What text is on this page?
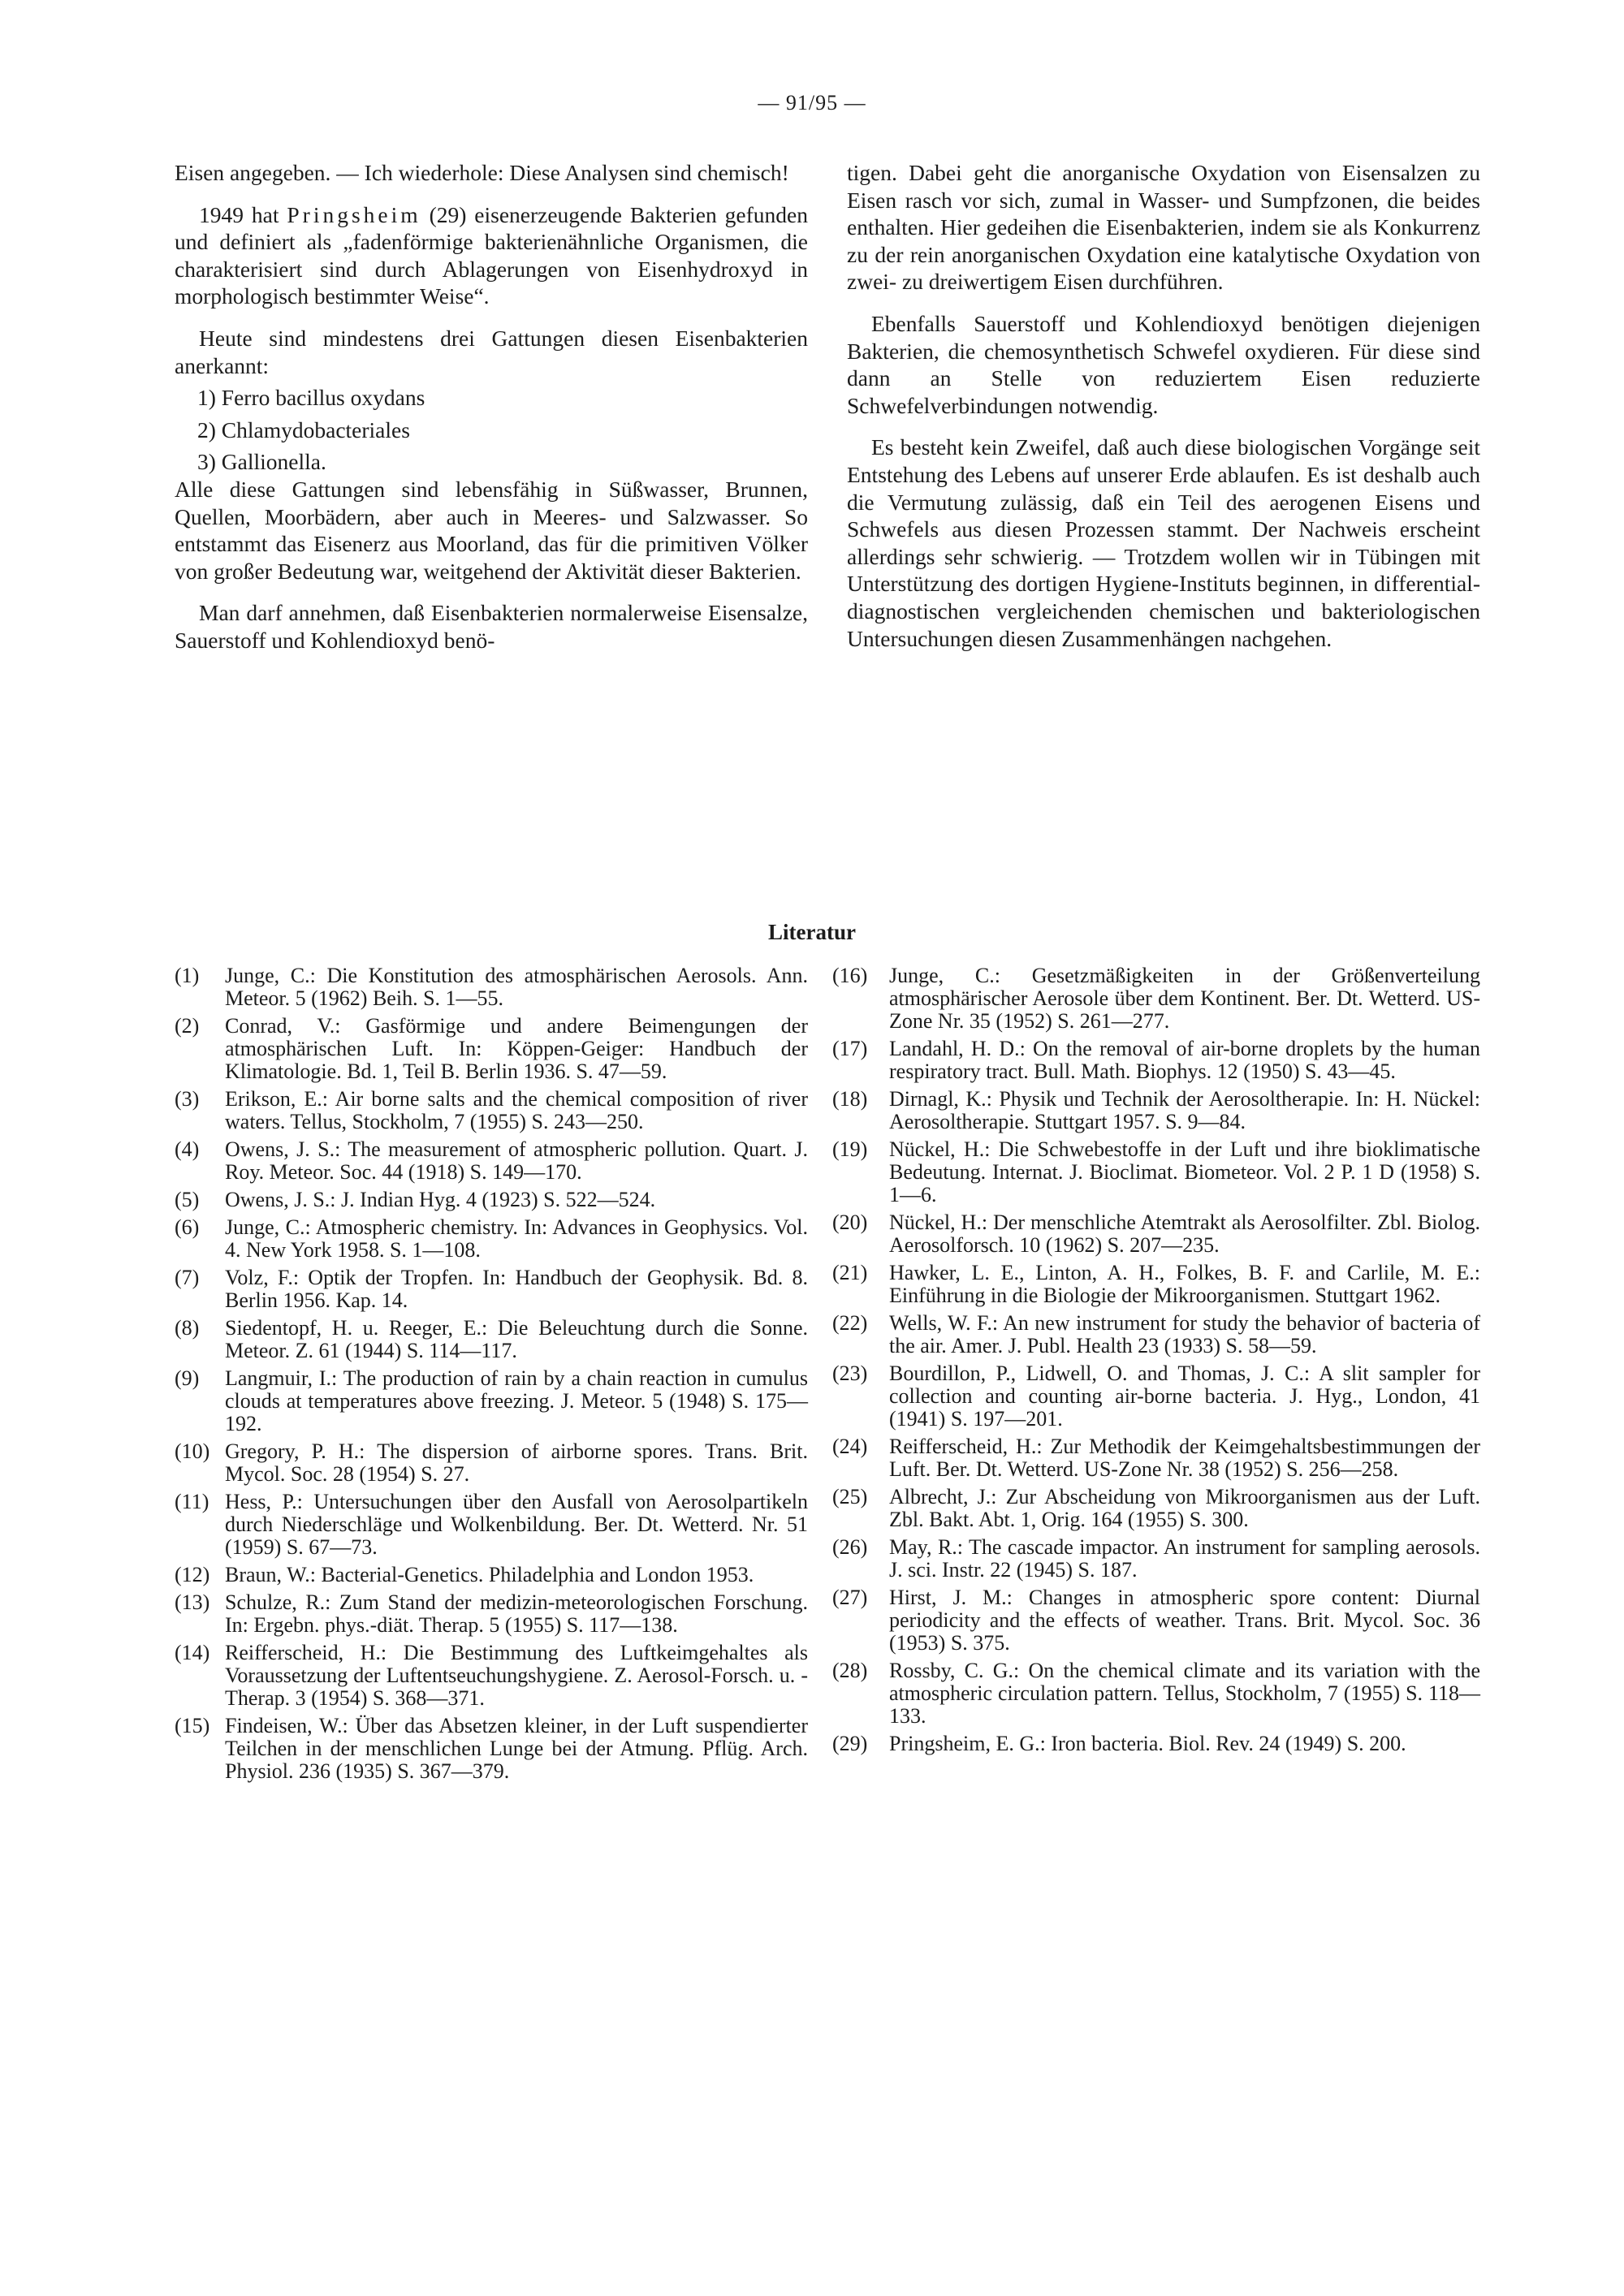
— 91/95 —

Eisen angegeben. — Ich wiederhole: Diese Analysen sind chemisch!

1949 hat Pringsheim (29) eisenerzeugende Bakterien gefunden und definiert als „fadenförmige bakterienähnliche Organismen, die charakterisiert sind durch Ablagerungen von Eisenhydroxyd in morphologisch bestimmter Weise“.

Heute sind mindestens drei Gattungen diesen Eisenbakterien anerkannt:

1) Ferro bacillus oxydans

2) Chlamydobacteriales

3) Gallionella.

Alle diese Gattungen sind lebensfähig in Süßwasser, Brunnen, Quellen, Moorbädern, aber auch in Meeres- und Salzwasser. So entstammt das Eisenerz aus Moorland, das für die primitiven Völker von großer Bedeutung war, weitgehend der Aktivität dieser Bakterien.

Man darf annehmen, daß Eisenbakterien normalerweise Eisensalze, Sauerstoff und Kohlendioxyd benö-

tigen. Dabei geht die anorganische Oxydation von Eisensalzen zu Eisen rasch vor sich, zumal in Wasser- und Sumpfzonen, die beides enthalten. Hier gedeihen die Eisenbakterien, indem sie als Konkurrenz zu der rein anorganischen Oxydation eine katalytische Oxydation von zwei- zu dreiwertigem Eisen durchführen.

Ebenfalls Sauerstoff und Kohlendioxyd benötigen diejenigen Bakterien, die chemosynthetisch Schwefel oxydieren. Für diese sind dann an Stelle von reduziertem Eisen reduzierte Schwefelverbindungen notwendig.

Es besteht kein Zweifel, daß auch diese biologischen Vorgänge seit Entstehung des Lebens auf unserer Erde ablaufen. Es ist deshalb auch die Vermutung zulässig, daß ein Teil des aerogenen Eisens und Schwefels aus diesen Prozessen stammt. Der Nachweis erscheint allerdings sehr schwierig. — Trotzdem wollen wir in Tübingen mit Unterstützung des dortigen Hygiene-Instituts beginnen, in differential-diagnostischen vergleichenden chemischen und bakteriologischen Untersuchungen diesen Zusammenhängen nachgehen.

Literatur
(1)	Junge, C.: Die Konstitution des atmosphärischen Aerosols. Ann. Meteor. 5 (1962) Beih. S. 1—55.
(2)	Conrad, V.: Gasförmige und andere Beimengungen der atmosphärischen Luft. In: Köppen-Geiger: Handbuch der Klimatologie. Bd. 1, Teil B. Berlin 1936. S. 47—59.
(3)	Erikson, E.: Air borne salts and the chemical composition of river waters. Tellus, Stockholm, 7 (1955) S. 243—250.
(4)	Owens, J. S.: The measurement of atmospheric pollution. Quart. J. Roy. Meteor. Soc. 44 (1918) S. 149—170.
(5)	Owens, J. S.: J. Indian Hyg. 4 (1923) S. 522—524.
(6)	Junge, C.: Atmospheric chemistry. In: Advances in Geophysics. Vol. 4. New York 1958. S. 1—108.
(7)	Volz, F.: Optik der Tropfen. In: Handbuch der Geophysik. Bd. 8. Berlin 1956. Kap. 14.
(8)	Siedentopf, H. u. Reeger, E.: Die Beleuchtung durch die Sonne. Meteor. Z. 61 (1944) S. 114—117.
(9)	Langmuir, I.: The production of rain by a chain reaction in cumulus clouds at temperatures above freezing. J. Meteor. 5 (1948) S. 175—192.
(10) Gregory, P. H.: The dispersion of airborne spores. Trans. Brit. Mycol. Soc. 28 (1954) S. 27.
(11) Hess, P.: Untersuchungen über den Ausfall von Aerosolpartikeln durch Niederschläge und Wolkenbildung. Ber. Dt. Wetterd. Nr. 51 (1959) S. 67—73.
(12) Braun, W.: Bacterial-Genetics. Philadelphia and London 1953.
(13) Schulze, R.: Zum Stand der medizin-meteorologischen Forschung. In: Ergebn. phys.-diät. Therap. 5 (1955) S. 117—138.
(14) Reifferscheid, H.: Die Bestimmung des Luftkeimgehaltes als Voraussetzung der Luftentseuchungshygiene. Z. Aerosol-Forsch. u. -Therap. 3 (1954) S. 368—371.
(15) Findeisen, W.: Über das Absetzen kleiner, in der Luft suspendierter Teilchen in der menschlichen Lunge bei der Atmung. Pflüg. Arch. Physiol. 236 (1935) S. 367—379.
(16)	Junge, C.: Gesetzmäßigkeiten in der Größenverteilung atmosphärischer Aerosole über dem Kontinent. Ber. Dt. Wetterd. US-Zone Nr. 35 (1952) S. 261—277.
(17)	Landahl, H. D.: On the removal of air-borne droplets by the human respiratory tract. Bull. Math. Biophys. 12 (1950) S. 43—45.
(18)	Dirnagl, K.: Physik und Technik der Aerosoltherapie. In: H. Nückel: Aerosoltherapie. Stuttgart 1957. S. 9—84.
(19)	Nückel, H.: Die Schwebestoffe in der Luft und ihre bioklimatische Bedeutung. Internat. J. Bioclimat. Biometeor. Vol. 2 P. 1 D (1958) S. 1—6.
(20)	Nückel, H.: Der menschliche Atemtrakt als Aerosolfilter. Zbl. Biolog. Aerosolforsch. 10 (1962) S. 207—235.
(21)	Hawker, L. E., Linton, A. H., Folkes, B. F. and Carlile, M. E.: Einführung in die Biologie der Mikroorganismen. Stuttgart 1962.
(22)	Wells, W. F.: An new instrument for study the behavior of bacteria of the air. Amer. J. Publ. Health 23 (1933) S. 58—59.
(23)	Bourdillon, P., Lidwell, O. and Thomas, J. C.: A slit sampler for collection and counting air-borne bacteria. J. Hyg., London, 41 (1941) S. 197—201.
(24)	Reifferscheid, H.: Zur Methodik der Keimgehaltsbestimmungen der Luft. Ber. Dt. Wetterd. US-Zone Nr. 38 (1952) S. 256—258.
(25)	Albrecht, J.: Zur Abscheidung von Mikroorganismen aus der Luft. Zbl. Bakt. Abt. 1, Orig. 164 (1955) S. 300.
(26)	May, R.: The cascade impactor. An instrument for sampling aerosols. J. sci. Instr. 22 (1945) S. 187.
(27)	Hirst, J. M.: Changes in atmospheric spore content: Diurnal periodicity and the effects of weather. Trans. Brit. Mycol. Soc. 36 (1953) S. 375.
(28)	Rossby, C. G.: On the chemical climate and its variation with the atmospheric circulation pattern. Tellus, Stockholm, 7 (1955) S. 118—133.
(29)	Pringsheim, E. G.: Iron bacteria. Biol. Rev. 24 (1949) S. 200.
